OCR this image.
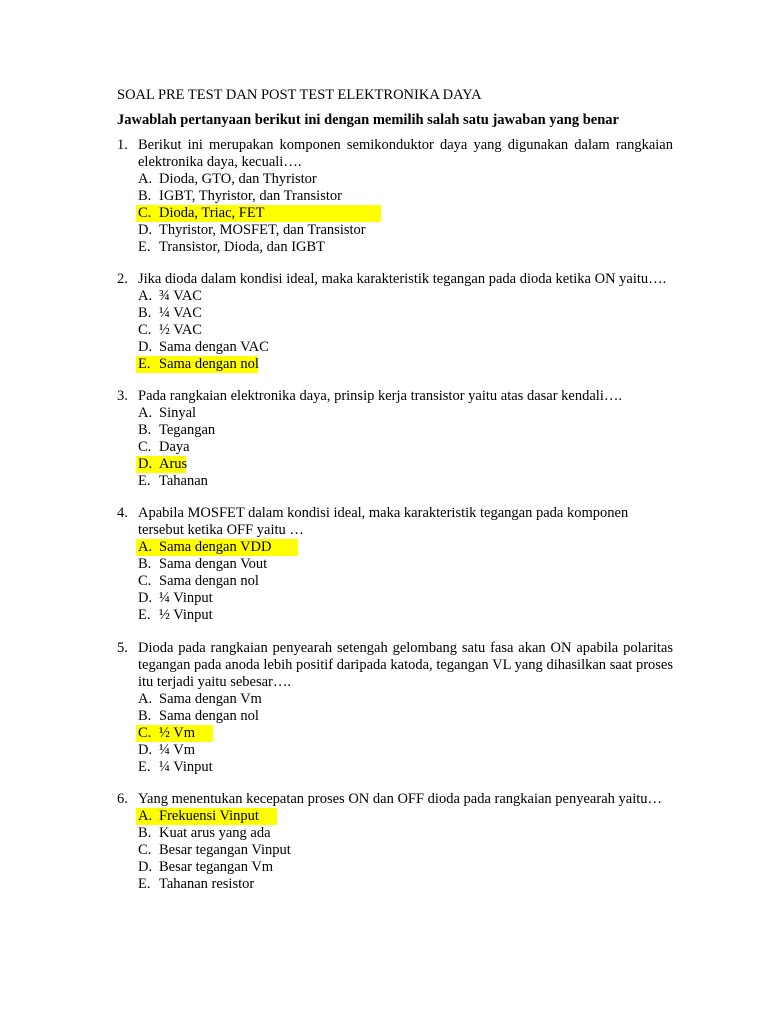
SOAL PRE TEST DAN POST TEST ELEKTRONIKA DAYA
Jawablah pertanyaan berikut ini dengan memilih salah satu jawaban yang benar
1. Berikut ini merupakan komponen semikonduktor daya yang digunakan dalam rangkaian elektronika daya, kecuali….
A. Dioda, GTO, dan Thyristor
B. IGBT, Thyristor, dan Transistor
C. Dioda, Triac, FET
D. Thyristor, MOSFET, dan Transistor
E. Transistor, Dioda, dan IGBT
2. Jika dioda dalam kondisi ideal, maka karakteristik tegangan pada dioda ketika ON yaitu….
A. ¾ VAC
B. ¼ VAC
C. ½ VAC
D. Sama dengan VAC
E. Sama dengan nol
3. Pada rangkaian elektronika daya, prinsip kerja transistor yaitu atas dasar kendali….
A. Sinyal
B. Tegangan
C. Daya
D. Arus
E. Tahanan
4. Apabila MOSFET dalam kondisi ideal, maka karakteristik tegangan pada komponen tersebut ketika OFF yaitu …
A. Sama dengan VDD
B. Sama dengan Vout
C. Sama dengan nol
D. ¼ Vinput
E. ½ Vinput
5. Dioda pada rangkaian penyearah setengah gelombang satu fasa akan ON apabila polaritas tegangan pada anoda lebih positif daripada katoda, tegangan VL yang dihasilkan saat proses itu terjadi yaitu sebesar….
A. Sama dengan Vm
B. Sama dengan nol
C. ½ Vm
D. ¼ Vm
E. ¼ Vinput
6. Yang menentukan kecepatan proses ON dan OFF dioda pada rangkaian penyearah yaitu…
A. Frekuensi Vinput
B. Kuat arus yang ada
C. Besar tegangan Vinput
D. Besar tegangan Vm
E. Tahanan resistor
